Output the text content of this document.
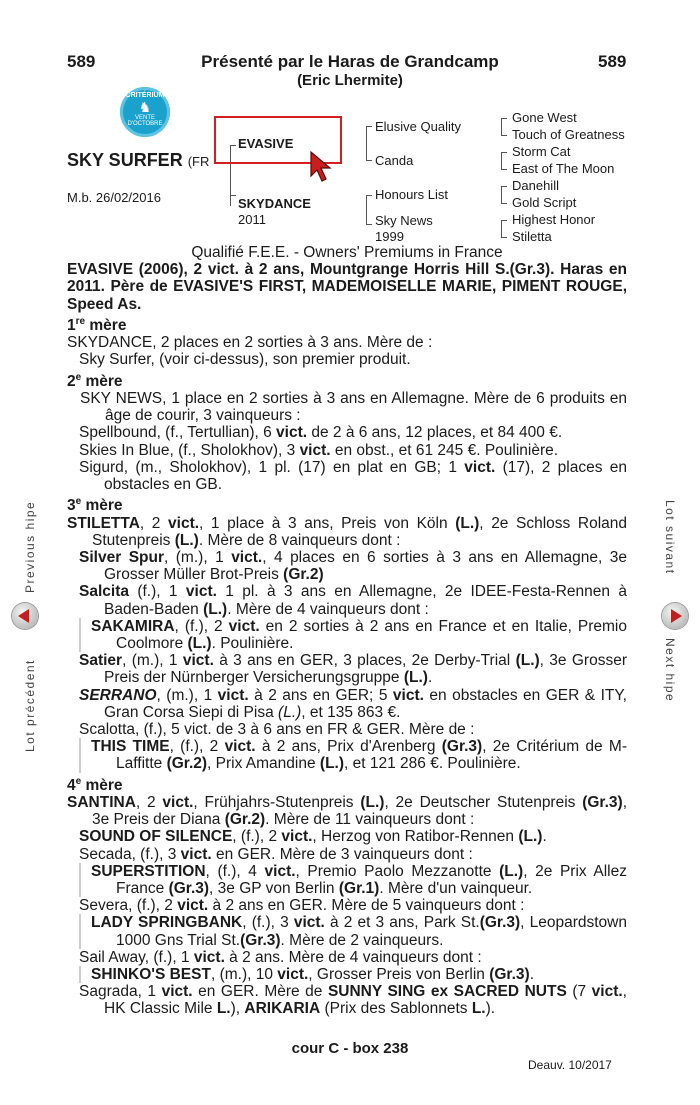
589	589
Présenté par le Haras de Grandcamp
(Eric Lhermite)
CRITÉRIUM
♞
VENTE D'OCTOBRE
SKY SURFER (FR
M.b. 26/02/2016
EVASIVE
SKYDANCE
2011
Elusive Quality
Canda
Honours List
Sky News
1999
Gone West
Touch of Greatness
Storm Cat
East of The Moon
Danehill
Gold Script
Highest Honor
Stiletta

Qualifié F.E.E. - Owners' Premiums in France

EVASIVE (2006), 2 vict. à 2 ans, Mountgrange Horris Hill S.(Gr.3). Haras en 2011. Père de EVASIVE'S FIRST, MADEMOISELLE MARIE, PIMENT ROUGE, Speed As.

1re mère

SKYDANCE, 2 places en 2 sorties à 3 ans. Mère de :

Sky Surfer, (voir ci-dessus), son premier produit.

2e mère

SKY NEWS, 1 place en 2 sorties à 3 ans en Allemagne. Mère de 6 produits en âge de courir, 3 vainqueurs :

Spellbound, (f., Tertullian), 6 vict. de 2 à 6 ans, 12 places, et 84 400 €.

Skies In Blue, (f., Sholokhov), 3 vict. en obst., et 61 245 €. Poulinière.

Sigurd, (m., Sholokhov), 1 pl. (17) en plat en GB; 1 vict. (17), 2 places en obstacles en GB.

3e mère

STILETTA, 2 vict., 1 place à 3 ans, Preis von Köln (L.), 2e Schloss Roland Stutenpreis (L.). Mère de 8 vainqueurs dont :

Silver Spur, (m.), 1 vict., 4 places en 6 sorties à 3 ans en Allemagne, 3e Grosser Müller Brot-Preis (Gr.2)

Salcita (f.), 1 vict. 1 pl. à 3 ans en Allemagne, 2e IDEE-Festa-Rennen à Baden-Baden (L.). Mère de 4 vainqueurs dont :

SAKAMIRA, (f.), 2 vict. en 2 sorties à 2 ans en France et en Italie, Premio Coolmore (L.). Poulinière.

Satier, (m.), 1 vict. à 3 ans en GER, 3 places, 2e Derby-Trial (L.), 3e Grosser Preis der Nürnberger Versicherungsgruppe (L.).

SERRANO, (m.), 1 vict. à 2 ans en GER; 5 vict. en obstacles en GER & ITY, Gran Corsa Siepi di Pisa (L.), et 135 863 €.

Scalotta, (f.), 5 vict. de 3 à 6 ans en FR & GER. Mère de :

THIS TIME, (f.), 2 vict. à 2 ans, Prix d'Arenberg (Gr.3), 2e Critérium de M-Laffitte (Gr.2), Prix Amandine (L.), et 121 286 €. Poulinière.

4e mère

SANTINA, 2 vict., Frühjahrs-Stutenpreis (L.), 2e Deutscher Stutenpreis (Gr.3), 3e Preis der Diana (Gr.2). Mère de 11 vainqueurs dont :

SOUND OF SILENCE, (f.), 2 vict., Herzog von Ratibor-Rennen (L.).

Secada, (f.), 3 vict. en GER. Mère de 3 vainqueurs dont :

SUPERSTITION, (f.), 4 vict., Premio Paolo Mezzanotte (L.), 2e Prix Allez France (Gr.3), 3e GP von Berlin (Gr.1). Mère d'un vainqueur.

Severa, (f.), 2 vict. à 2 ans en GER. Mère de 5 vainqueurs dont :

LADY SPRINGBANK, (f.), 3 vict. à 2 et 3 ans, Park St.(Gr.3), Leopardstown 1000 Gns Trial St.(Gr.3). Mère de 2 vainqueurs.

Sail Away, (f.), 1 vict. à 2 ans. Mère de 4 vainqueurs dont :

SHINKO'S BEST, (m.), 10 vict., Grosser Preis von Berlin (Gr.3).

Sagrada, 1 vict. en GER. Mère de SUNNY SING ex SACRED NUTS (7 vict., HK Classic Mile L.), ARIKARIA (Prix des Sablonnets L.).

cour C - box 238
Deauv. 10/2017
Previous hipe
Lot précédent
Lot suivant
Next hipe
